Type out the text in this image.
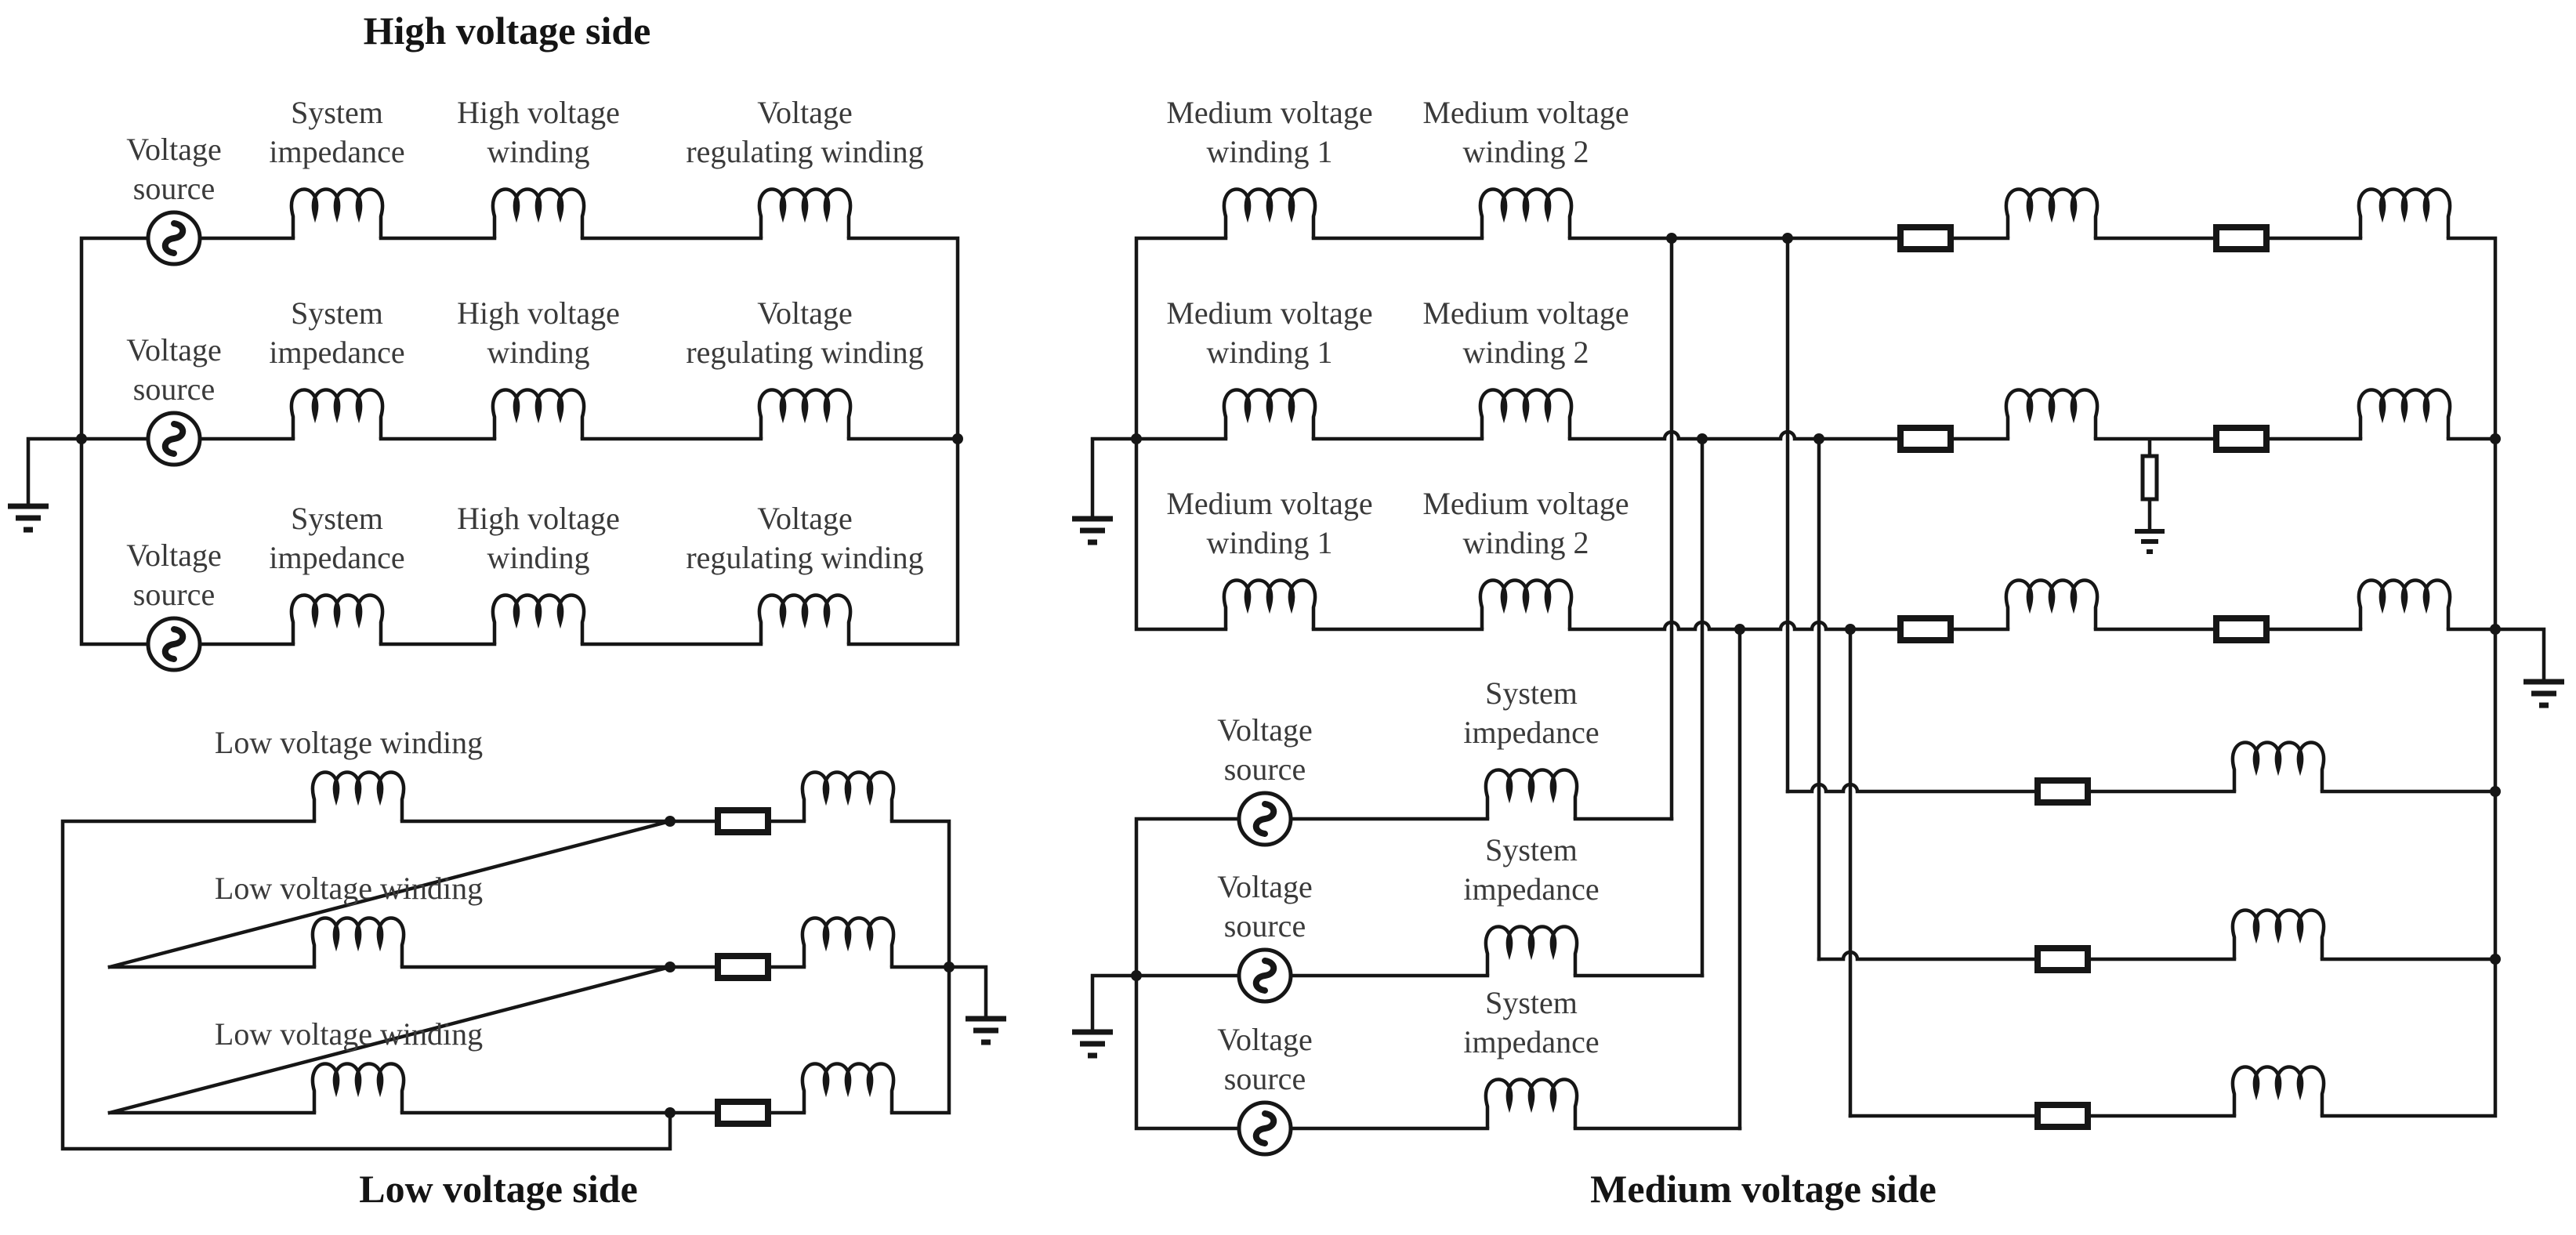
High voltage side
Low voltage side	Medium voltage side
Voltage
source
Voltage
source
Voltage
source
System
impedance
System
impedance
System
impedance
High voltage
winding
High voltage
winding
High voltage
winding
Voltage
regulating winding
Voltage
regulating winding
Voltage
regulating winding
Low voltage winding
Low voltage winding
Low voltage winding
Medium voltage
winding 1
Medium voltage
winding 1
Medium voltage
winding 1
Medium voltage
winding 2
Medium voltage
winding 2
Medium voltage
winding 2
Voltage
source
Voltage
source
Voltage
source
System
impedance
System
impedance
System
impedance
